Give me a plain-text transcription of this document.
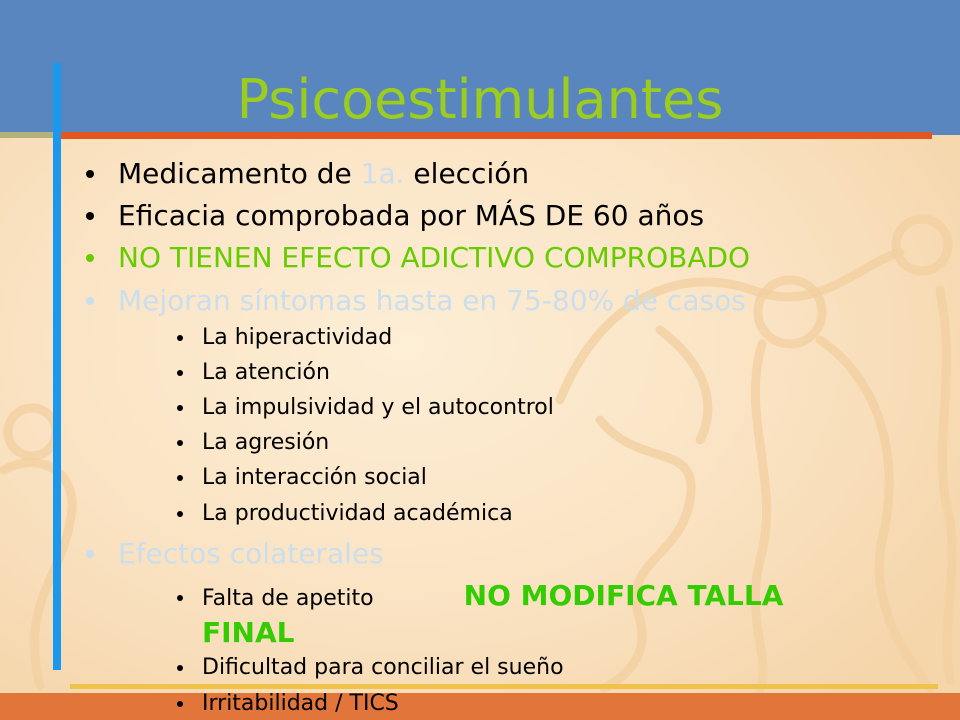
Psicoestimulantes
Medicamento de 1a. elección
Eficacia comprobada por MÁS DE 60 años
NO TIENEN EFECTO ADICTIVO COMPROBADO
Mejoran síntomas hasta en 75-80% de casos
La hiperactividad
La atención
La impulsividad y el autocontrol
La agresión
La interacción social
La productividad académica
Efectos colaterales
Falta de apetito	NO MODIFICA TALLA FINAL
Dificultad para conciliar el sueño
Irritabilidad / TICS
